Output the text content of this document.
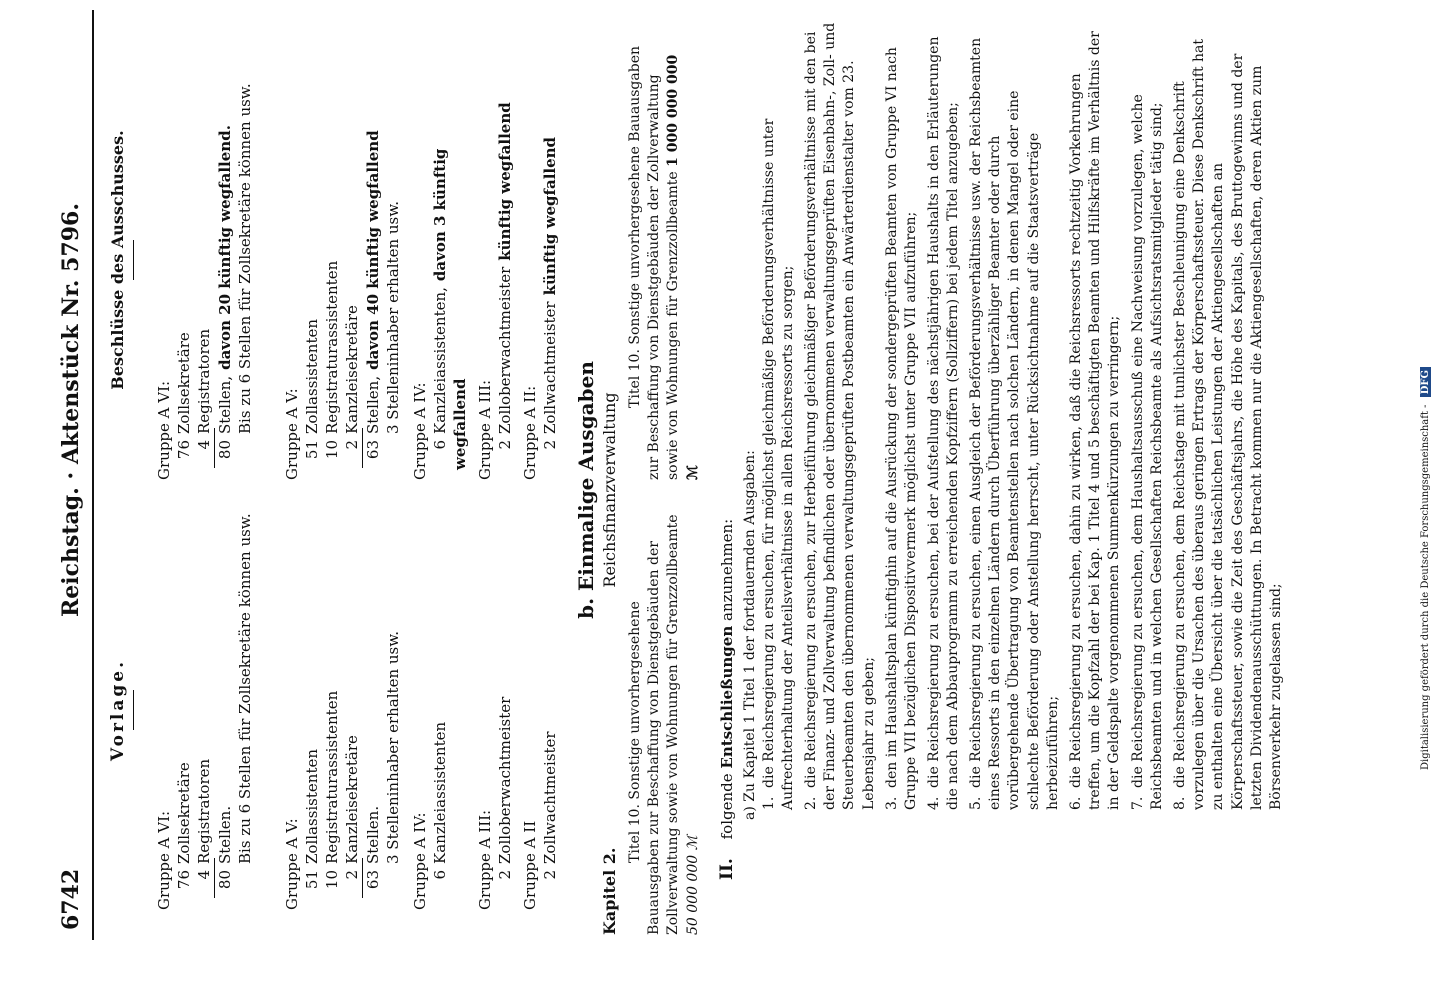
6742
Reichstag. · Aktenstück Nr. 5796.
Vorlage.
Gruppe A VI: 76Zollsekretäre
4Registratoren
80Stellen. Bis zu 6 Stellen für Zollsekretäre können usw.
Gruppe A V: 51Zollassistenten
10Registraturassistenten
2Kanzleisekretäre
63Stellen. 3 Stelleninhaber erhalten usw. Gruppe A IV: 6Kanzleiassistenten Gruppe A III: 2Zolloberwachtmeister
Gruppe A II 2Zollwachtmeister
Kapitel 2.
Titel 10. Sonstige unvorhergesehene Bauausgaben zur Beschaffung von Dienstgebäuden der Zollverwaltung sowie von Wohnungen für Grenzzollbeamte 50 000 000 ℳ
Beschlüsse des Ausschusses.
Gruppe A VI: 76Zollsekretäre
4Registratoren
80Stellen,davon 20 künftig wegfallend. Bis zu 6 Stellen für Zollsekretäre können usw.
Gruppe A V: 51Zollassistenten
10Registraturassistenten
2Kanzleisekretäre
63Stellen,davon 40 künftig wegfallend 3 Stelleninhaber erhalten usw. Gruppe A IV: 6Kanzleiassistenten,davon 3 künftig wegfallend Gruppe A III: 2Zolloberwachtmeisterkünftig wegfallend
Gruppe A II: 2Zollwachtmeisterkünftig wegfallend
Titel 10. Sonstige unvorhergesehene Bauausgaben zur Beschaffung von Dienstgebäuden der Zollverwaltung sowie von Wohnungen für Grenzzollbeamte 1 000 000 000 ℳ
b. Einmalige Ausgaben Reichsfinanzverwaltung
II. folgende Entschließungen anzunehmen: a) Zu Kapitel 1 Titel 1 der fortdauernden Ausgaben: 1.die Reichsregierung zu ersuchen, für möglichst gleichmäßige Beförderungsverhältnisse unter Aufrechterhaltung der Anteilsverhältnisse in allen Reichsressorts zu sorgen; 2.die Reichsregierung zu ersuchen, zur Herbeiführung gleichmäßiger Beförderungsverhältnisse mit den bei der Finanz- und Zollverwaltung befindlichen oder übernommenen verwaltungsgeprüften Eisenbahn-, Zoll- und Steuerbeamten den übernommenen verwaltungsgeprüften Postbeamten ein Anwärterdienstalter vom 23. Lebensjahr zu geben; 3.den im Haushaltsplan künftighin auf die Ausrückung der sondergeprüften Beamten von Gruppe VI nach Gruppe VII bezüglichen Dispositivvermerk möglichst unter Gruppe VII aufzuführen; 4.die Reichsregierung zu ersuchen, bei der Aufstellung des nächstjährigen Haushalts in den Erläuterungen die nach dem Abbauprogramm zu erreichenden Kopfziffern (Sollziffern) bei jedem Titel anzugeben; 5.die Reichsregierung zu ersuchen, einen Ausgleich der Beförderungsverhältnisse usw. der Reichsbeamten eines Ressorts in den einzelnen Ländern durch Überführung überzähliger Beamter oder durch vorübergehende Übertragung von Beamtenstellen nach solchen Ländern, in denen Mangel oder eine schlechte Beförderung oder Anstellung herrscht, unter Rücksichtnahme auf die Staatsverträge herbeizuführen; 6.die Reichsregierung zu ersuchen, dahin zu wirken, daß die Reichsressorts rechtzeitig Vorkehrungen treffen, um die Kopfzahl der bei Kap. 1 Titel 4 und 5 beschäftigten Beamten und Hilfskräfte im Verhältnis der in der Geldspalte vorgenommenen Summenkürzungen zu verringern; 7.die Reichsregierung zu ersuchen, dem Haushaltsausschuß eine Nachweisung vorzulegen, welche Reichsbeamten und in welchen Gesellschaften Reichsbeamte als Aufsichtsratsmitglieder tätig sind; 8.die Reichsregierung zu ersuchen, dem Reichstage mit tunlichster Beschleunigung eine Denkschrift vorzulegen über die Ursachen des überaus geringen Ertrags der Körperschaftssteuer. Diese Denkschrift hat zu enthalten eine Übersicht über die tatsächlichen Leistungen der Aktiengesellschaften an Körperschaftssteuer, sowie die Zeit des Geschäftsjahrs, die Höhe des Kapitals, des Bruttogewinns und der letzten Dividendenausschüttungen. In Betracht kommen nur die Aktiengesellschaften, deren Aktien zum Börsenverkehr zugelassen sind;	Digitalisierung gefördert durch die Deutsche Forschungsgemeinschaft - DFG
